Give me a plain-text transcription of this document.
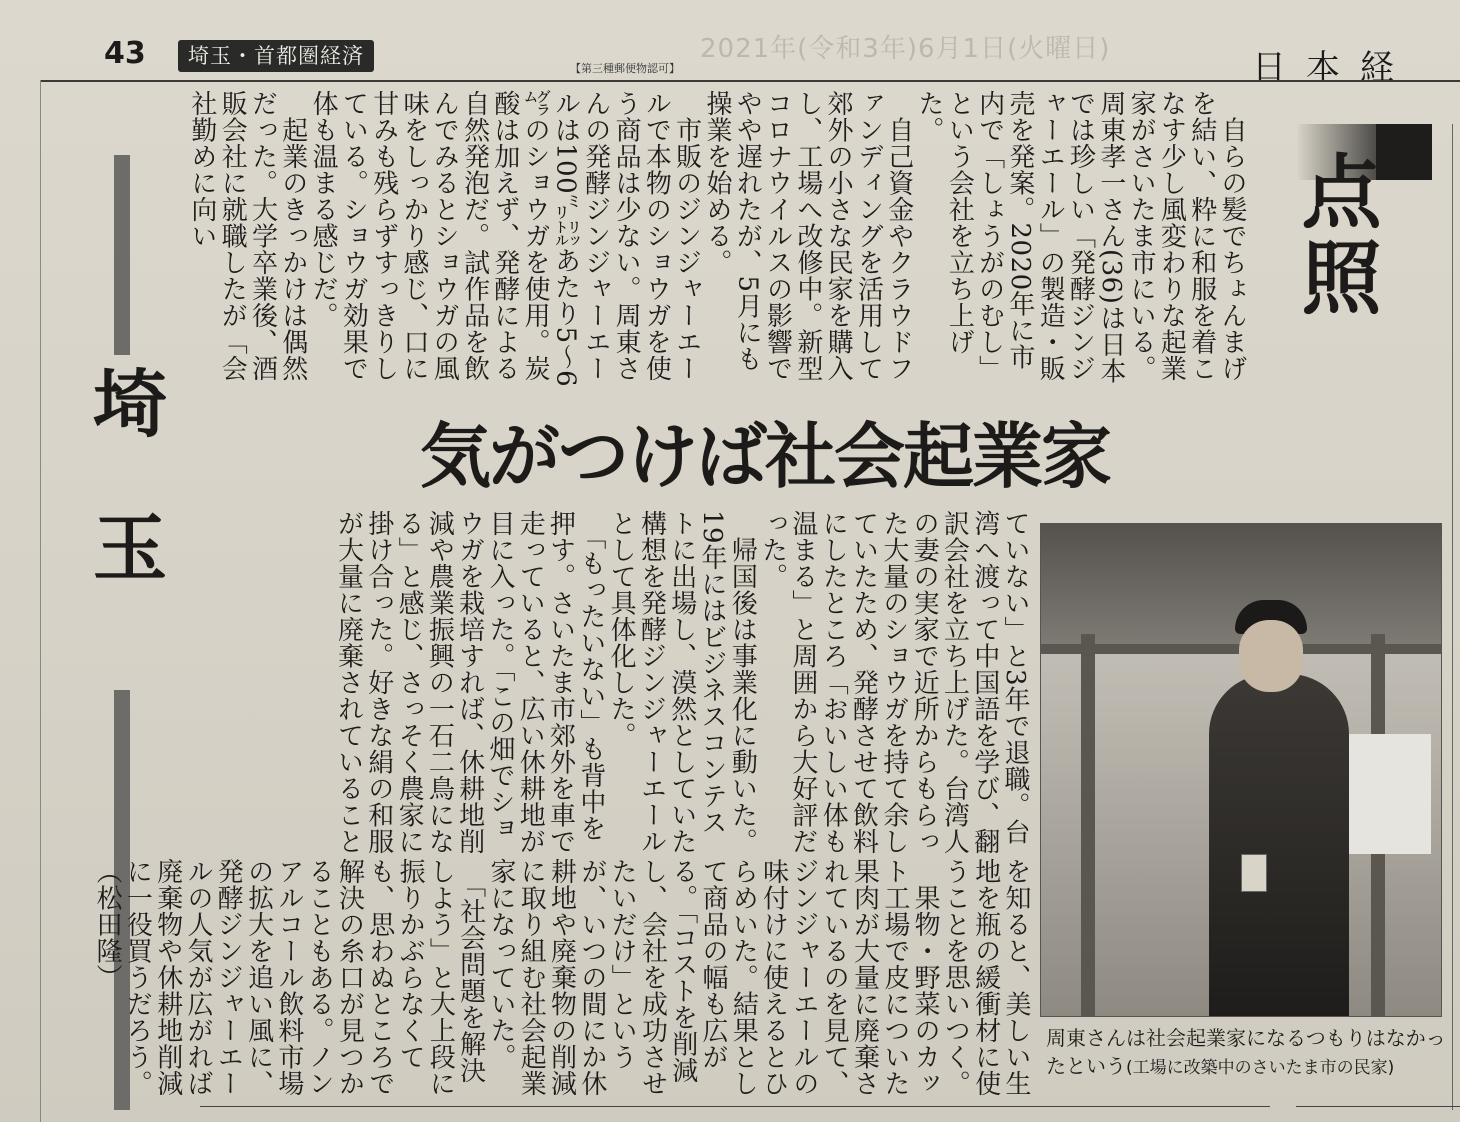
43	埼玉・首都圏経済
【第三種郵便物認可】
2021年(令和3年)6月1日(火曜日)	日本経
埼玉
点照
　自らの髪でちょんまげを結い、粋に和服を着こなす少し風変わりな起業家がさいたま市にいる。周東孝一さん(36)は日本では珍しい「発酵ジンジャーエール」の製造・販売を発案。2020年に市内で「しょうがのむし」という会社を立ち上げた。
　自己資金やクラウドファンディングを活用して郊外の小さな民家を購入し、工場へ改修中。新型コロナウイルスの影響でやや遅れたが、5月にも操業を始める。
　市販のジンジャーエールで本物のショウガを使う商品は少ない。周東さんの発酵ジンジャーエールは100㍉㍑あたり5～6㌘のショウガを使用。炭酸は加えず、発酵による自然発泡だ。試作品を飲んでみるとショウガの風味をしっかり感じ、口に甘みも残らずすっきりしている。ショウガ効果で体も温まる感じだ。
　起業のきっかけは偶然だった。大学卒業後、酒販会社に就職したが「会社勤めに向い
気がつけば社会起業家
ていない」と3年で退職。台湾へ渡って中国語を学び、翻訳会社を立ち上げた。台湾人の妻の実家で近所からもらった大量のショウガを持て余していたため、発酵させて飲料にしたところ「おいしい体も温まる」と周囲から大好評だった。
　帰国後は事業化に動いた。19年にはビジネスコンテストに出場し、漠然としていた構想を発酵ジンジャーエールとして具体化した。
　「もったいない」も背中を押す。さいたま市郊外を車で走っていると、広い休耕地が目に入った。「この畑でショウガを栽培すれば、休耕地削減や農業振興の一石二鳥になる」と感じ、さっそく農家に掛け合った。好きな絹の和服が大量に廃棄されていること
を知ると、美しい生地を瓶の緩衝材に使うことを思いつく。
　果物・野菜のカット工場で皮についた果肉が大量に廃棄されているのを見て、ジンジャーエールの味付けに使えるとひらめいた。結果として商品の幅も広がる。「コストを削減し、会社を成功させたいだけ」というが、いつの間にか休耕地や廃棄物の削減に取り組む社会起業家になっていた。
　「社会問題を解決しよう」と大上段に振りかぶらなくても、思わぬところで解決の糸口が見つかることもある。ノンアルコール飲料市場の拡大を追い風に、発酵ジンジャーエールの人気が広がれば廃棄物や休耕地削減に一役買うだろう。
（松田隆）
周東さんは社会起業家になるつもりはなかったという(工場に改築中のさいたま市の民家)
